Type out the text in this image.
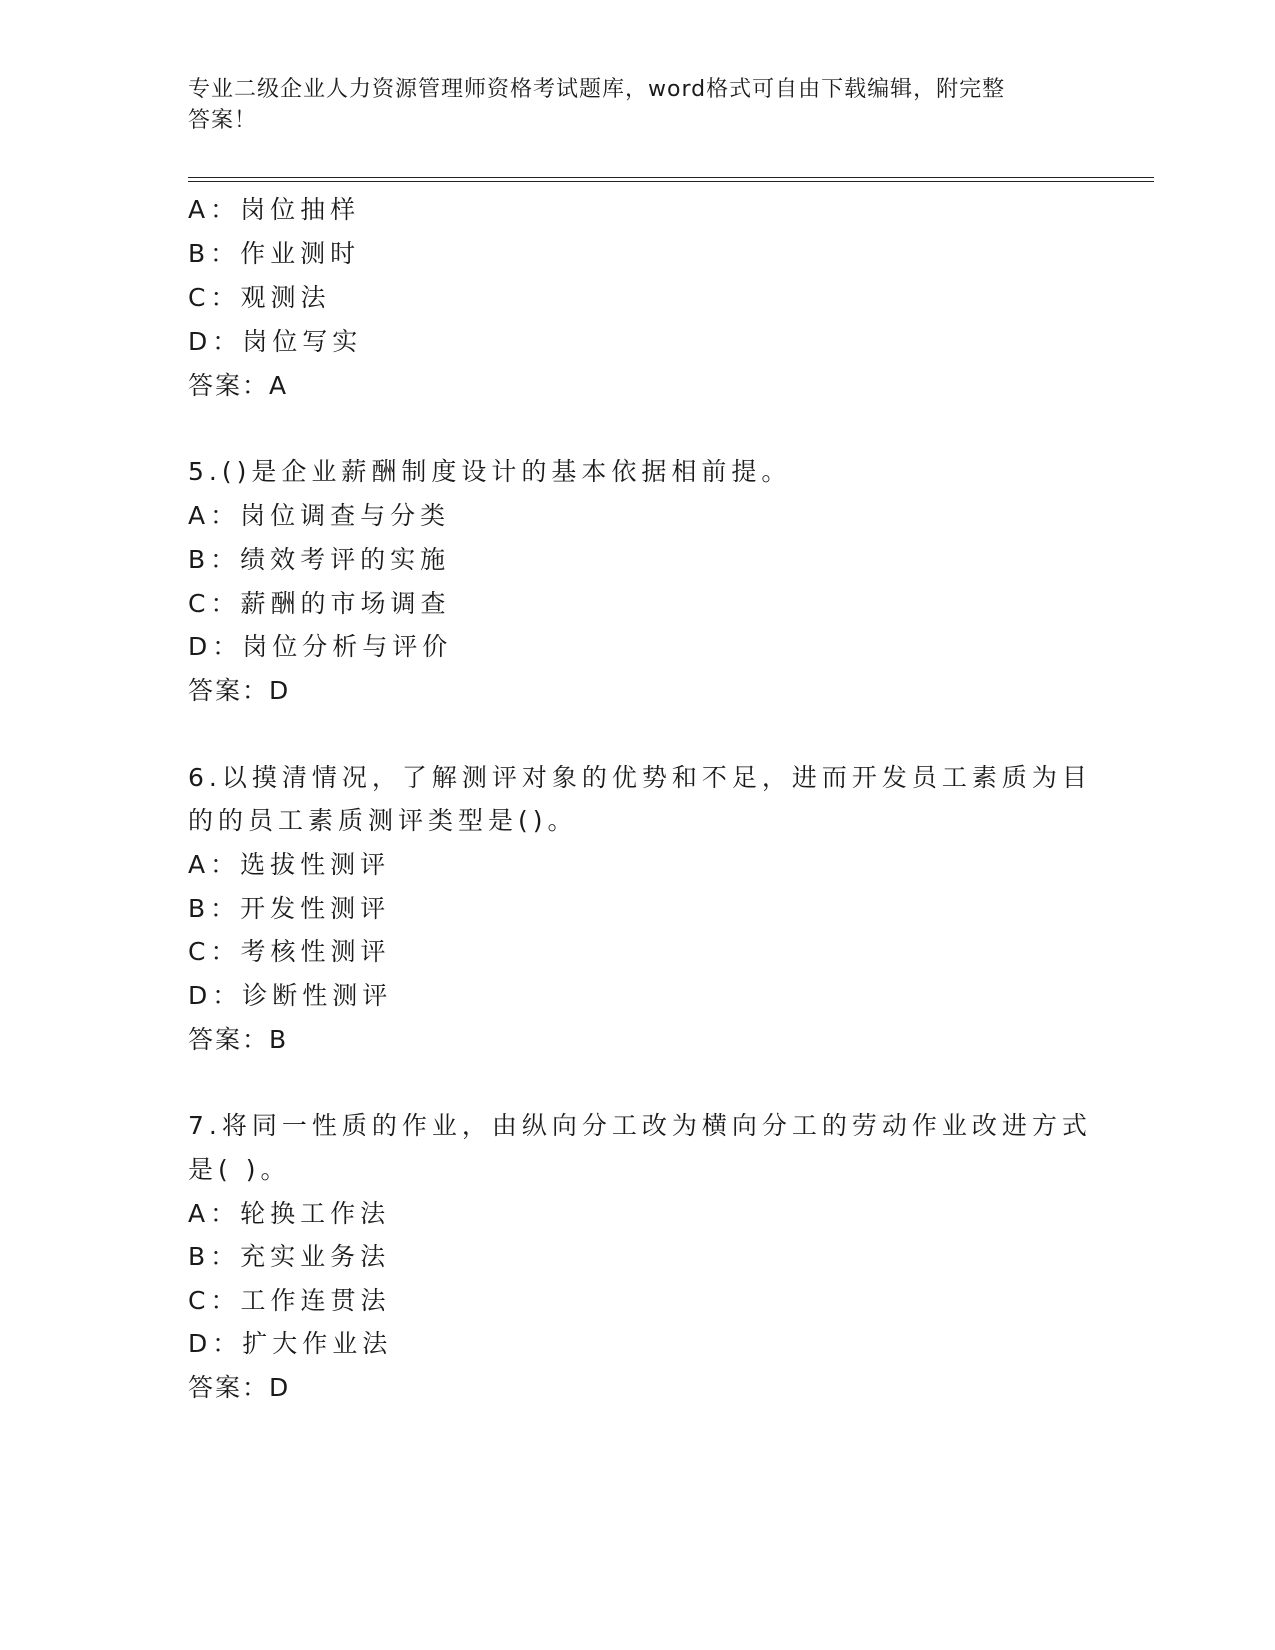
专业二级企业人力资源管理师资格考试题库，word格式可自由下载编辑，附完整
答案！
A：岗位抽样
B：作业测时
C：观测法
D：岗位写实
答案：A
5.()是企业薪酬制度设计的基本依据相前提。
A：岗位调查与分类
B：绩效考评的实施
C：薪酬的市场调查
D：岗位分析与评价
答案：D
6.以摸清情况，了解测评对象的优势和不足，进而开发员工素质为目
的的员工素质测评类型是()。
A：选拔性测评
B：开发性测评
C：考核性测评
D：诊断性测评
答案：B
7.将同一性质的作业，由纵向分工改为横向分工的劳动作业改进方式
是( )。
A：轮换工作法
B：充实业务法
C：工作连贯法
D：扩大作业法
答案：D
